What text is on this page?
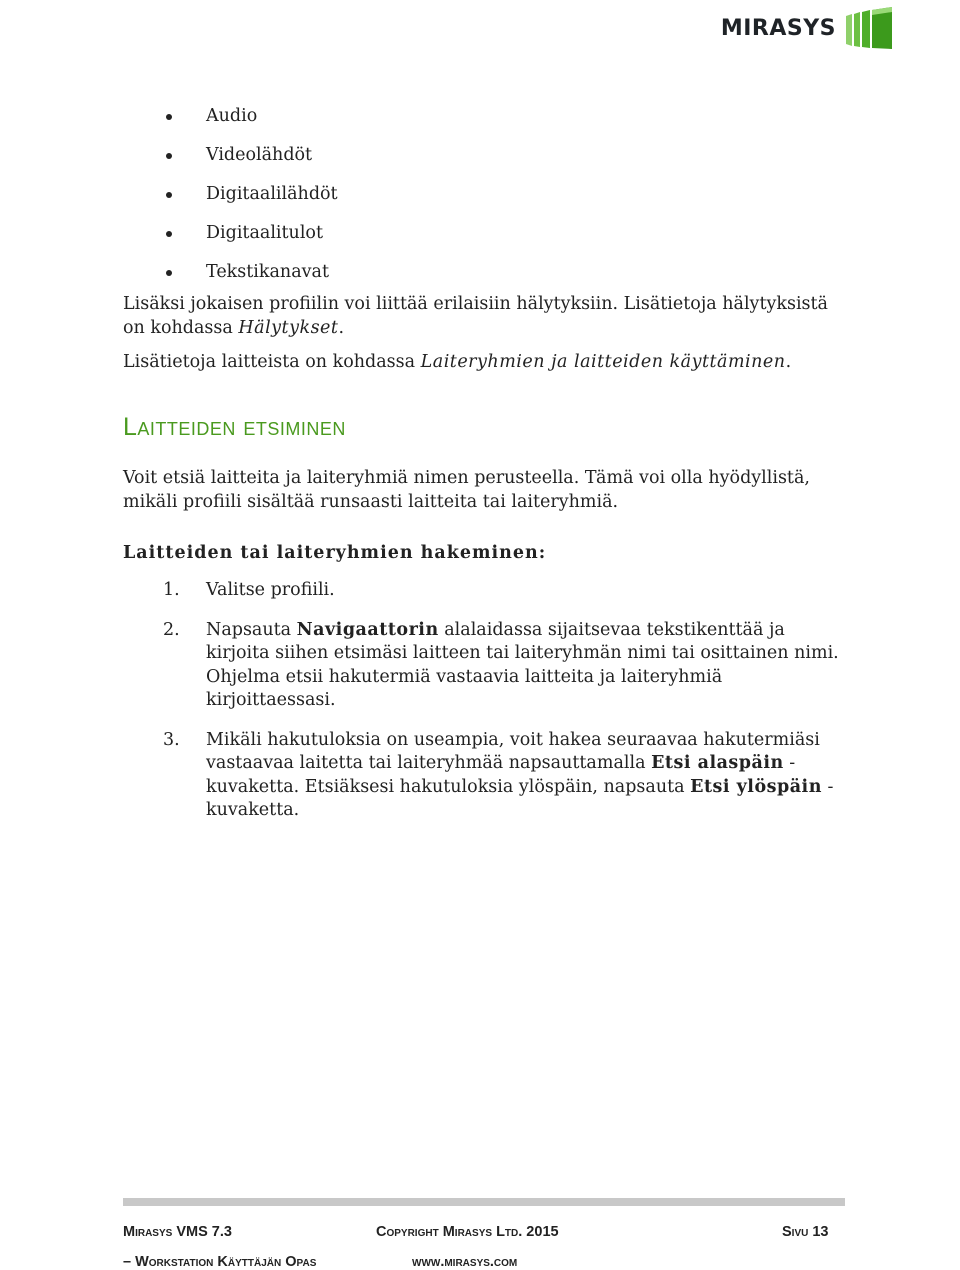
MIRASYS
Audio
Videolähdöt
Digitaalilähdöt
Digitaalitulot
Tekstikanavat

Lisäksi jokaisen profiilin voi liittää erilaisiin hälytyksiin. Lisätietoja hälytyksistä on kohdassa Hälytykset.

Lisätietoja laitteista on kohdassa Laiteryhmien ja laitteiden käyttäminen.

Laitteiden etsiminen

Voit etsiä laitteita ja laiteryhmiä nimen perusteella. Tämä voi olla hyödyllistä, mikäli profiili sisältää runsaasti laitteita tai laiteryhmiä.

Laitteiden tai laiteryhmien hakeminen:
1. Valitse profiili.
2. Napsauta Navigaattorin alalaidassa sijaitsevaa tekstikenttää ja kirjoita siihen etsimäsi laitteen tai laiteryhmän nimi tai osittainen nimi. Ohjelma etsii hakutermiä vastaavia laitteita ja laiteryhmiä kirjoittaessasi.
3. Mikäli hakutuloksia on useampia, voit hakea seuraavaa hakutermiäsi vastaavaa laitetta tai laiteryhmää napsauttamalla Etsi alaspäin -kuvaketta. Etsiäksesi hakutuloksia ylöspäin, napsauta Etsi ylöspäin -kuvaketta.
Mirasys VMS 7.3	Copyright Mirasys Ltd. 2015	Sivu 13
– Workstation Käyttäjän Opas	www.mirasys.com
